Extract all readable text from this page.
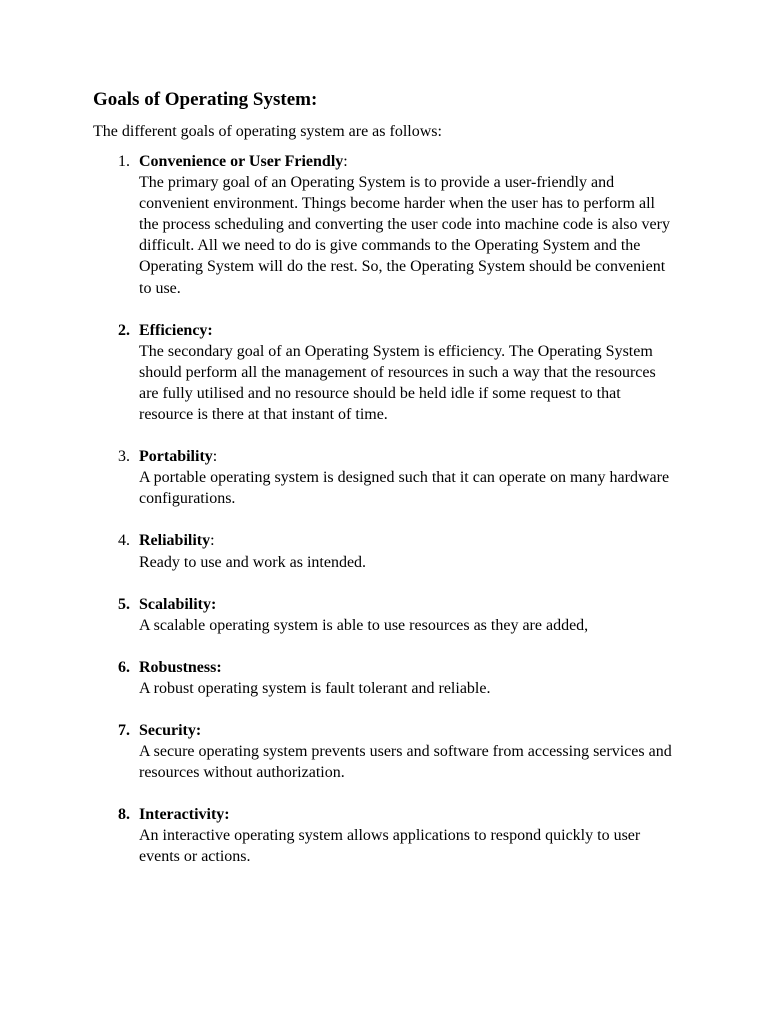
Goals of Operating System:
The different goals of operating system are as follows:
1. Convenience or User Friendly:
The primary goal of an Operating System is to provide a user-friendly and convenient environment. Things become harder when the user has to perform all the process scheduling and converting the user code into machine code is also very difficult. All we need to do is give commands to the Operating System and the Operating System will do the rest. So, the Operating System should be convenient to use.
2. Efficiency:
The secondary goal of an Operating System is efficiency. The Operating System should perform all the management of resources in such a way that the resources are fully utilised and no resource should be held idle if some request to that resource is there at that instant of time.
3. Portability:
A portable operating system is designed such that it can operate on many hardware configurations.
4. Reliability:
Ready to use and work as intended.
5. Scalability:
A scalable operating system is able to use resources as they are added,
6. Robustness:
A robust operating system is fault tolerant and reliable.
7. Security:
A secure operating system prevents users and software from accessing services and resources without authorization.
8. Interactivity:
An interactive operating system allows applications to respond quickly to user events or actions.
